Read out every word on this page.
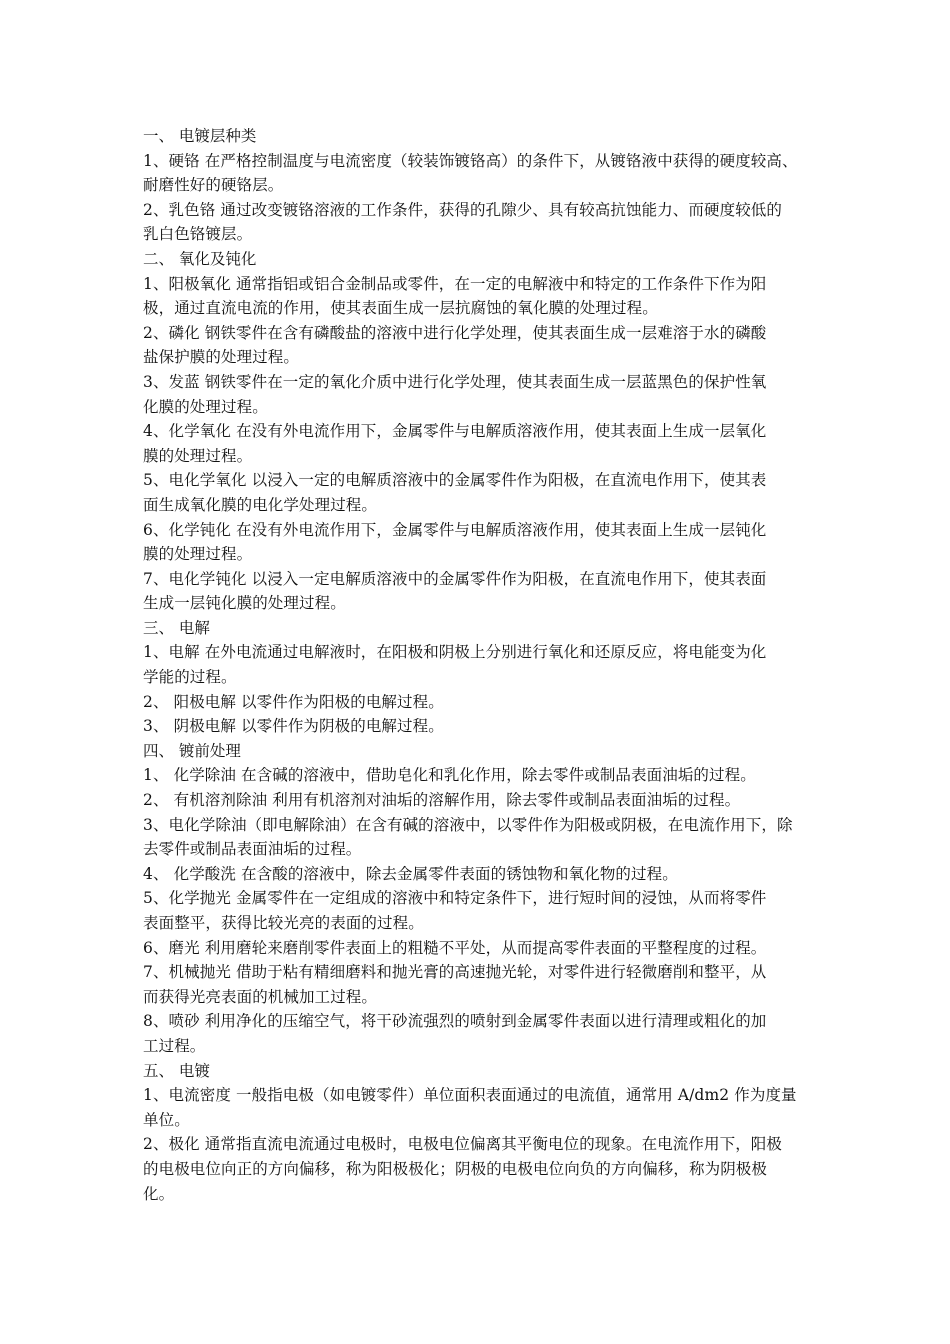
一、 电镀层种类
1、硬铬 在严格控制温度与电流密度（较装饰镀铬高）的条件下，从镀铬液中获得的硬度较高、
耐磨性好的硬铬层。
2、乳色铬 通过改变镀铬溶液的工作条件，获得的孔隙少、具有较高抗蚀能力、而硬度较低的
乳白色铬镀层。
二、 氧化及钝化
1、阳极氧化 通常指铝或铝合金制品或零件，在一定的电解液中和特定的工作条件下作为阳
极，通过直流电流的作用，使其表面生成一层抗腐蚀的氧化膜的处理过程。
2、磷化 钢铁零件在含有磷酸盐的溶液中进行化学处理，使其表面生成一层难溶于水的磷酸
盐保护膜的处理过程。
3、发蓝 钢铁零件在一定的氧化介质中进行化学处理，使其表面生成一层蓝黑色的保护性氧
化膜的处理过程。
4、化学氧化 在没有外电流作用下，金属零件与电解质溶液作用，使其表面上生成一层氧化
膜的处理过程。
5、电化学氧化 以浸入一定的电解质溶液中的金属零件作为阳极，在直流电作用下，使其表
面生成氧化膜的电化学处理过程。
6、化学钝化 在没有外电流作用下，金属零件与电解质溶液作用，使其表面上生成一层钝化
膜的处理过程。
7、电化学钝化 以浸入一定电解质溶液中的金属零件作为阳极，在直流电作用下，使其表面
生成一层钝化膜的处理过程。
三、 电解
1、电解 在外电流通过电解液时，在阳极和阴极上分别进行氧化和还原反应，将电能变为化
学能的过程。
2、 阳极电解 以零件作为阳极的电解过程。
3、 阴极电解 以零件作为阴极的电解过程。
四、 镀前处理
1、 化学除油 在含碱的溶液中，借助皂化和乳化作用，除去零件或制品表面油垢的过程。
2、 有机溶剂除油 利用有机溶剂对油垢的溶解作用，除去零件或制品表面油垢的过程。
3、电化学除油（即电解除油）在含有碱的溶液中，以零件作为阳极或阴极，在电流作用下，除
去零件或制品表面油垢的过程。
4、 化学酸洗 在含酸的溶液中，除去金属零件表面的锈蚀物和氧化物的过程。
5、化学抛光 金属零件在一定组成的溶液中和特定条件下，进行短时间的浸蚀，从而将零件
表面整平，获得比较光亮的表面的过程。
6、磨光 利用磨轮来磨削零件表面上的粗糙不平处，从而提高零件表面的平整程度的过程。
7、机械抛光 借助于粘有精细磨料和抛光膏的高速抛光轮，对零件进行轻微磨削和整平，从
而获得光亮表面的机械加工过程。
8、喷砂 利用净化的压缩空气，将干砂流强烈的喷射到金属零件表面以进行清理或粗化的加
工过程。
五、 电镀
1、电流密度 一般指电极（如电镀零件）单位面积表面通过的电流值，通常用 A/dm2 作为度量
单位。
2、极化 通常指直流电流通过电极时，电极电位偏离其平衡电位的现象。在电流作用下，阳极
的电极电位向正的方向偏移，称为阳极极化；阴极的电极电位向负的方向偏移，称为阴极极
化。
